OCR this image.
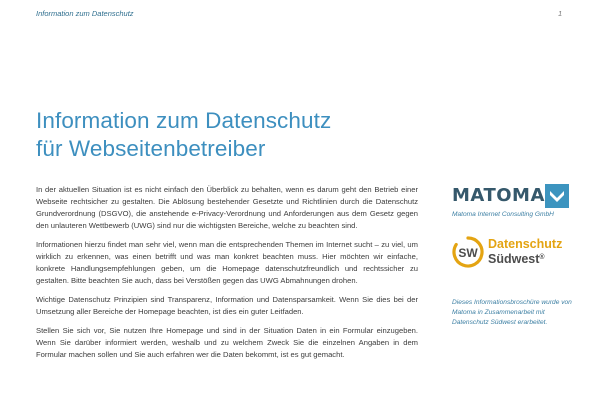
Information zum Datenschutz	1
Information zum Datenschutz
für Webseitenbetreiber

In der aktuellen Situation ist es nicht einfach den Überblick zu behalten, wenn es darum geht den Betrieb einer Webseite rechtsicher zu gestalten. Die Ablösung bestehender Gesetzte und Richtlinien durch die Datenschutz Grundverordnung (DSGVO), die anstehende e-Privacy-Verordnung und Anforderungen aus dem Gesetz gegen den unlauteren Wettbewerb (UWG) sind nur die wichtigsten Bereiche, welche zu beachten sind.

Informationen hierzu findet man sehr viel, wenn man die entsprechenden Themen im Internet sucht – zu viel, um wirklich zu erkennen, was einen betrifft und was man konkret beachten muss. Hier möchten wir einfache, konkrete Handlungsempfehlungen geben, um die Homepage datenschutzfreundlich und rechtssicher zu gestalten. Bitte beachten Sie auch, dass bei Verstößen gegen das UWG Abmahnungen drohen.

Wichtige Datenschutz Prinzipien sind Transparenz, Information und Datensparsamkeit. Wenn Sie dies bei der Umsetzung aller Bereiche der Homepage beachten, ist dies ein guter Leitfaden.

Stellen Sie sich vor, Sie nutzen Ihre Homepage und sind in der Situation Daten in ein Formular einzugeben. Wenn Sie darüber informiert werden, weshalb und zu welchem Zweck Sie die einzelnen Angaben in dem Formular machen sollen und Sie auch erfahren wer die Daten bekommt, ist es gut gemacht.

MATOMA
Matoma Internet Consulting GmbH
SW
Datenschutz
Südwest®
Dieses Informationsbroschüre wurde von Matoma in Zusammenarbeit mit Datenschutz Südwest erarbeitet.
